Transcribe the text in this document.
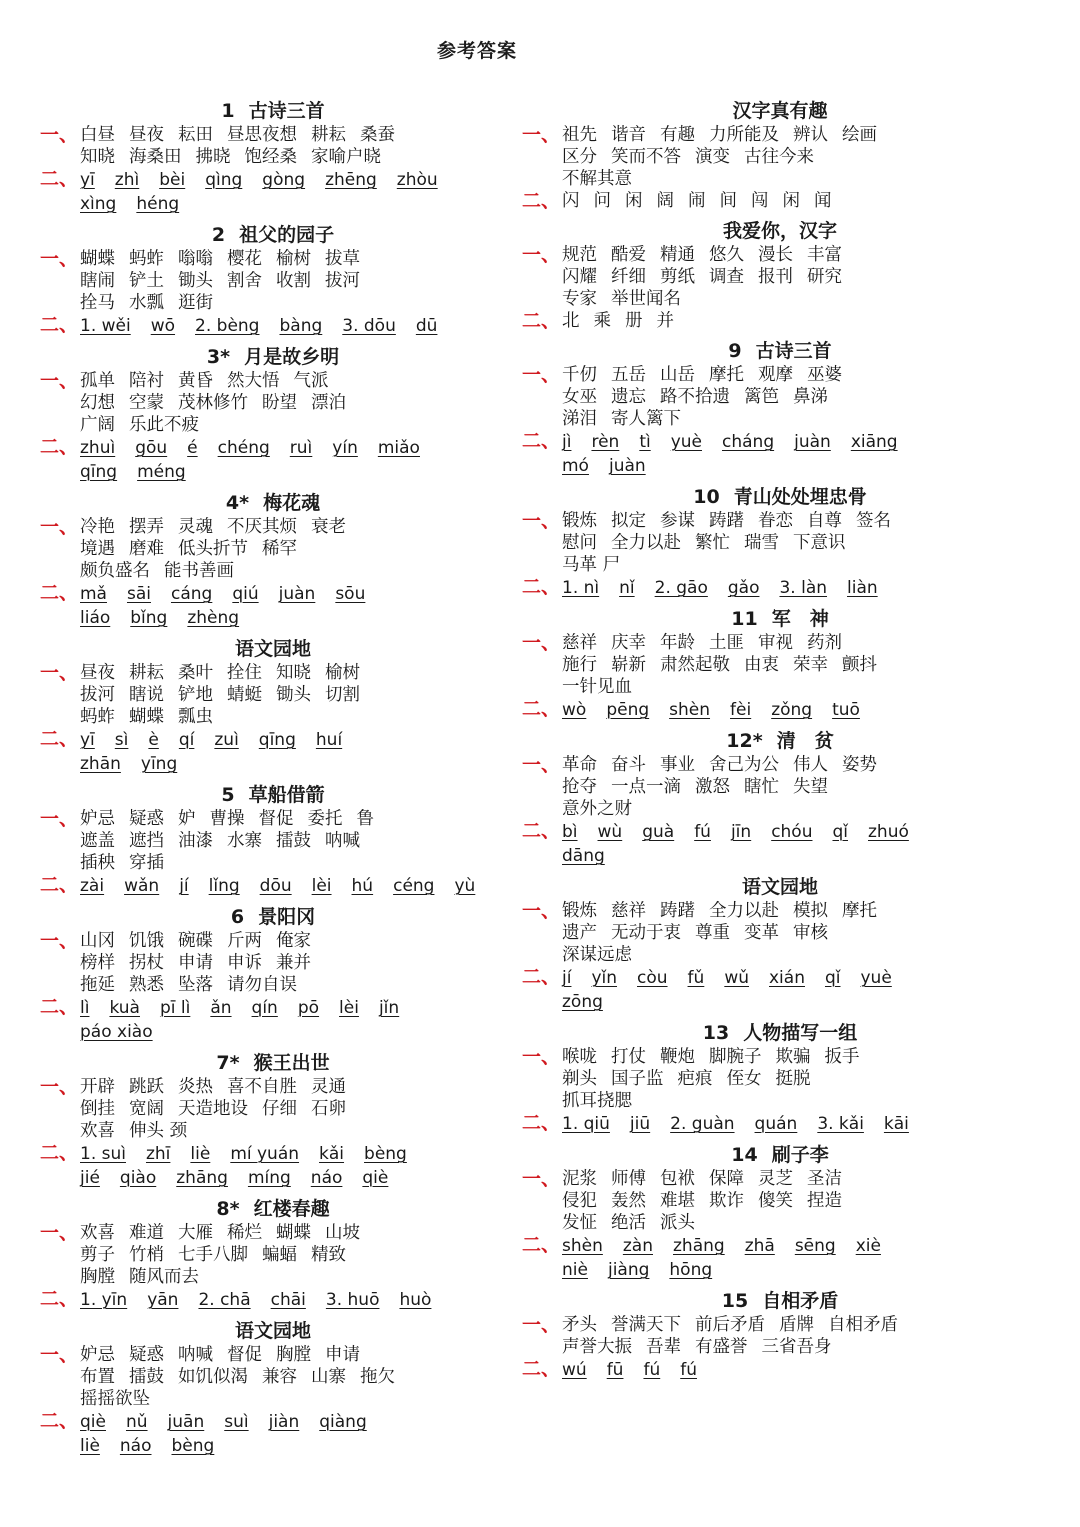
参考答案
1 古诗三首
一、 白昼 昼夜 耘田 昼思夜想 耕耘 桑蚕
知晓 海桑田 拂晓 饱经桑 家喻户晓
二、 yī zhì bèi qìng gòng zhēng zhòu
xìng héng
2 祖父的园子
一、 蝴蝶 蚂蚱 嗡嗡 樱花 榆树 拔草
瞎闹 铲土 锄头 割舍 收割 拔河
拴马 水瓢 逛街
二、 1. wěi wō 2. bèng bàng 3. dōu dū
3* 月是故乡明
一、 孤单 陪衬 黄昏 然大悟 气派
幻想 空蒙 茂林修竹 盼望 漂泊
广阔 乐此不疲
二、 zhuì gōu é chéng ruì yín miǎo
qīng méng
4* 梅花魂
一、 冷艳 摆弄 灵魂 不厌其烦 衰老
境遇 磨难 低头折节 稀罕
颇负盛名 能书善画
二、 mǎ sāi cáng qiú juàn sōu
liáo bǐng zhèng
语文园地
一、 昼夜 耕耘 桑叶 拴住 知晓 榆树
拔河 瞎说 铲地 蜻蜓 锄头 切割
蚂蚱 蝴蝶 瓢虫
二、 yī sì è qí zuì qīng huí
zhān yīng
5 草船借箭
一、 妒忌 疑惑 妒 曹操 督促 委托 鲁
遮盖 遮挡 油漆 水寨 擂鼓 呐喊
插秧 穿插
二、 zài wǎn jí lǐng dōu lèi hú céng yù
6 景阳冈
一、 山冈 饥饿 碗碟 斤两 俺家
榜样 拐杖 申请 申诉 兼并
拖延 熟悉 坠落 请勿自误
二、 lì kuà pī lì ǎn qín pō lèi jǐn
páo xiào
7* 猴王出世
一、 开辟 跳跃 炎热 喜不自胜 灵通
倒挂 宽阔 天造地设 仔细 石卵
欢喜 伸头 颈
二、 1. suì zhī liè mí yuán kǎi bèng
jié qiào zhāng míng náo qiè
8* 红楼春趣
一、 欢喜 难道 大雁 稀烂 蝴蝶 山坡
剪子 竹梢 七手八脚 蝙蝠 精致
胸膛 随风而去
二、 1. yīn yān 2. chā chāi 3. huō huò
语文园地
一、 妒忌 疑惑 呐喊 督促 胸膛 申请
布置 擂鼓 如饥似渴 兼容 山寨 拖欠
摇摇欲坠
二、 qiè nǔ juān suì jiàn qiàng
liè náo bèng
汉字真有趣
一、 祖先 谐音 有趣 力所能及 辨认 绘画
区分 笑而不答 演变 古往今来
不解其意
二、 闪 问 闲 阔 闹 间 闯 闲 闻
我爱你，汉字
一、 规范 酷爱 精通 悠久 漫长 丰富
闪耀 纤细 剪纸 调查 报刊 研究
专家 举世闻名
二、 北 乘 册 并
9 古诗三首
一、 千仞 五岳 山岳 摩托 观摩 巫婆
女巫 遗忘 路不拾遗 篱笆 鼻涕
涕泪 寄人篱下
二、 jì rèn tì yuè cháng juàn xiāng
mó juàn
10 青山处处埋忠骨
一、 锻炼 拟定 参谋 踌躇 眷恋 自尊 签名
慰问 全力以赴 繁忙 瑞雪 下意识
马革 尸
二、 1. nì nǐ 2. gāo gǎo 3. làn liàn
11 军　神
一、 慈祥 庆幸 年龄 土匪 审视 药剂
施行 崭新 肃然起敬 由衷 荣幸 颤抖
一针见血
二、 wò pēng shèn fèi zǒng tuō
12* 清　贫
一、 革命 奋斗 事业 舍己为公 伟人 姿势
抢夺 一点一滴 激怒 瞎忙 失望
意外之财
二、 bì wù guà fú jīn chóu qǐ zhuó
dāng
语文园地
一、 锻炼 慈祥 踌躇 全力以赴 模拟 摩托
遗产 无动于衷 尊重 变革 审核
深谋远虑
二、 jí yǐn còu fǔ wǔ xián qǐ yuè
zōng
13 人物描写一组
一、 喉咙 打仗 鞭炮 脚腕子 欺骗 扳手
剃头 国子监 疤痕 侄女 挺脱
抓耳挠腮
二、 1. qiū jiū 2. guàn quán 3. kǎi kāi
14 刷子李
一、 泥浆 师傅 包袱 保障 灵芝 圣洁
侵犯 轰然 难堪 欺诈 傻笑 捏造
发怔 绝活 派头
二、 shèn zàn zhāng zhā sēng xiè
niè jiàng hōng
15 自相矛盾
一、 矛头 誉满天下 前后矛盾 盾牌 自相矛盾
声誉大振 吾辈 有盛誉 三省吾身
二、 wú fū fú fú
